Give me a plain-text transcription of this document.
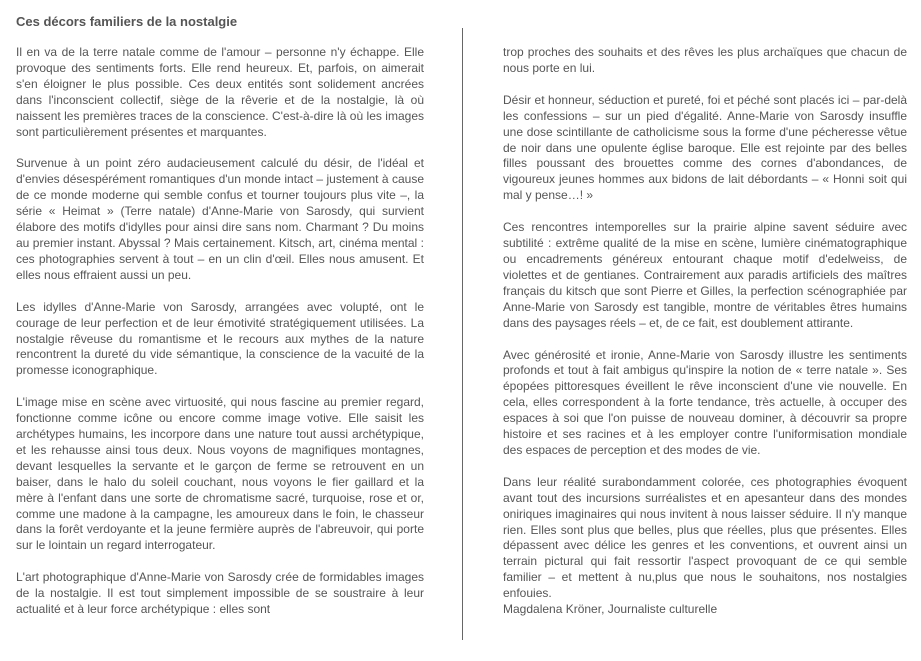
Ces décors familiers de la nostalgie

Il en va de la terre natale comme de l'amour – personne n'y échappe. Elle provoque des sentiments forts. Elle rend heureux. Et, parfois, on aimerait s'en éloigner le plus possible. Ces deux entités sont solidement ancrées dans l'inconscient collectif, siège de la rêverie et de la nostalgie, là où naissent les premières traces de la conscience. C'est-à-dire là où les images sont particulièrement présentes et marquantes.

Survenue à un point zéro audacieusement calculé du désir, de l'idéal et d'envies désespérément romantiques d'un monde intact – justement à cause de ce monde moderne qui semble confus et tourner toujours plus vite –, la série « Heimat » (Terre natale) d'Anne-Marie von Sarosdy, qui survient élabore des motifs d'idylles pour ainsi dire sans nom. Charmant ? Du moins au premier instant. Abyssal ? Mais certainement. Kitsch, art, cinéma mental : ces photographies servent à tout – en un clin d'œil. Elles nous amusent. Et elles nous effraient aussi un peu.

Les idylles d'Anne-Marie von Sarosdy, arrangées avec volupté, ont le courage de leur perfection et de leur émotivité stratégiquement utilisées. La nostalgie rêveuse du romantisme et le recours aux mythes de la nature rencontrent la dureté du vide sémantique, la conscience de la vacuité de la promesse iconographique.

L'image mise en scène avec virtuosité, qui nous fascine au premier regard, fonctionne comme icône ou encore comme image votive. Elle saisit les archétypes humains, les incorpore dans une nature tout aussi archétypique, et les rehausse ainsi tous deux. Nous voyons de magnifiques montagnes, devant lesquelles la servante et le garçon de ferme se retrouvent en un baiser, dans le halo du soleil couchant, nous voyons le fier gaillard et la mère à l'enfant dans une sorte de chromatisme sacré, turquoise, rose et or, comme une madone à la campagne, les amoureux dans le foin, le chasseur dans la forêt verdoyante et la jeune fermière auprès de l'abreuvoir, qui porte sur le lointain un regard interrogateur.

L'art photographique d'Anne-Marie von Sarosdy crée de formidables images de la nostalgie. Il est tout simplement impossible de se soustraire à leur actualité et à leur force archétypique : elles sont

trop proches des souhaits et des rêves les plus archaïques que chacun de nous porte en lui.

Désir et honneur, séduction et pureté, foi et péché sont placés ici – par-delà les confessions – sur un pied d'égalité. Anne-Marie von Sarosdy insuffle une dose scintillante de catholicisme sous la forme d'une pécheresse vêtue de noir dans une opulente église baroque. Elle est rejointe par des belles filles poussant des brouettes comme des cornes d'abondances, de vigoureux jeunes hommes aux bidons de lait débordants – « Honni soit qui mal y pense…! »

Ces rencontres intemporelles sur la prairie alpine savent séduire avec subtilité : extrême qualité de la mise en scène, lumière cinématographique ou encadrements généreux entourant chaque motif d'edelweiss, de violettes et de gentianes. Contrairement aux paradis artificiels des maîtres français du kitsch que sont Pierre et Gilles, la perfection scénographiée par Anne-Marie von Sarosdy est tangible, montre de véritables êtres humains dans des paysages réels – et, de ce fait, est doublement attirante.

Avec générosité et ironie, Anne-Marie von Sarosdy illustre les sentiments profonds et tout à fait ambigus qu'inspire la notion de « terre natale ». Ses épopées pittoresques éveillent le rêve inconscient d'une vie nouvelle. En cela, elles correspondent à la forte tendance, très actuelle, à occuper des espaces à soi que l'on puisse de nouveau dominer, à découvrir sa propre histoire et ses racines et à les employer contre l'uniformisation mondiale des espaces de perception et des modes de vie.

Dans leur réalité surabondamment colorée, ces photographies évoquent avant tout des incursions surréalistes et en apesanteur dans des mondes oniriques imaginaires qui nous invitent à nous laisser séduire. Il n'y manque rien. Elles sont plus que belles, plus que réelles, plus que présentes. Elles dépassent avec délice les genres et les conventions, et ouvrent ainsi un terrain pictural qui fait ressortir l'aspect provoquant de ce qui semble familier – et mettent à nu,plus que nous le souhaitons, nos nostalgies enfouies.

Magdalena Kröner, Journaliste culturelle
